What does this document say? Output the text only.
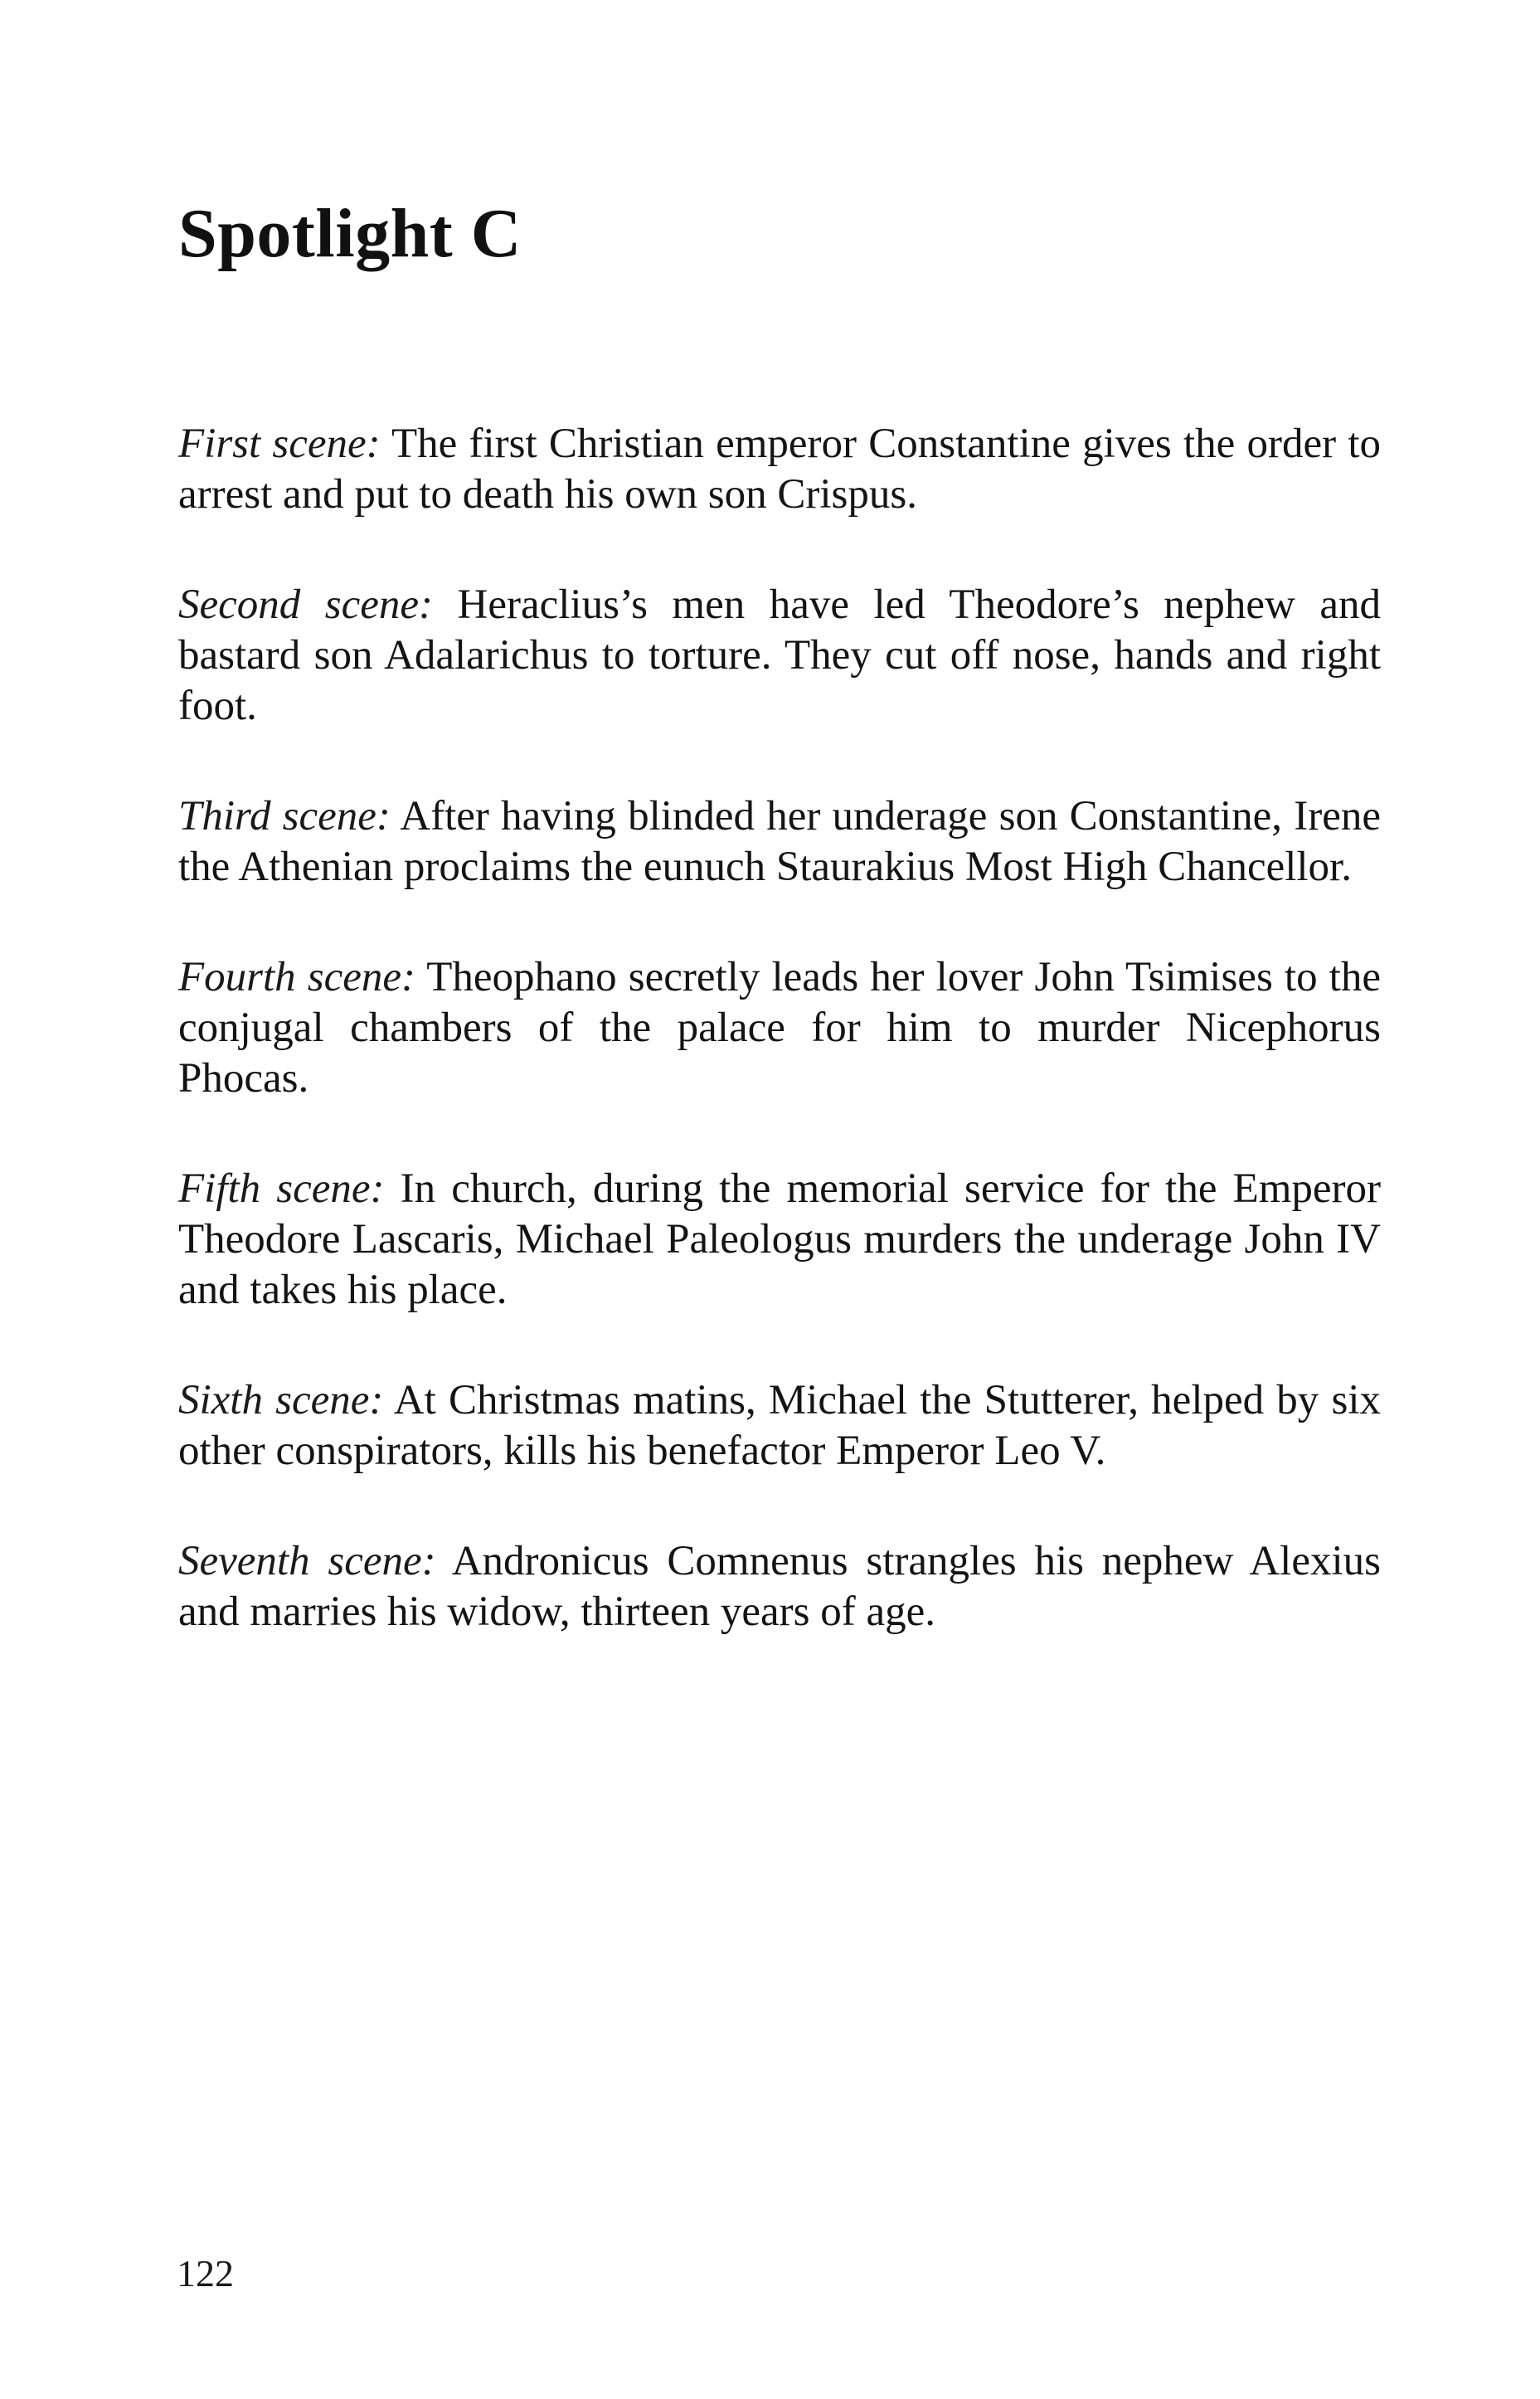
Spotlight C

First scene: The first Christian emperor Constantine gives the order to arrest and put to death his own son Crispus.

Second scene: Heraclius’s men have led Theodore’s nephew and bastard son Adalarichus to torture. They cut off nose, hands and right foot.

Third scene: After having blinded her underage son Constantine, Irene the Athenian proclaims the eunuch Staurakius Most High Chancellor.

Fourth scene: Theophano secretly leads her lover John Tsimises to the conjugal chambers of the palace for him to murder Nicephorus Phocas.

Fifth scene: In church, during the memorial service for the Emperor Theodore Lascaris, Michael Paleologus murders the underage John IV and takes his place.

Sixth scene: At Christmas matins, Michael the Stutterer, helped by six other conspirators, kills his benefactor Emperor Leo V.

Seventh scene: Andronicus Comnenus strangles his nephew Alexius and marries his widow, thirteen years of age.

122
